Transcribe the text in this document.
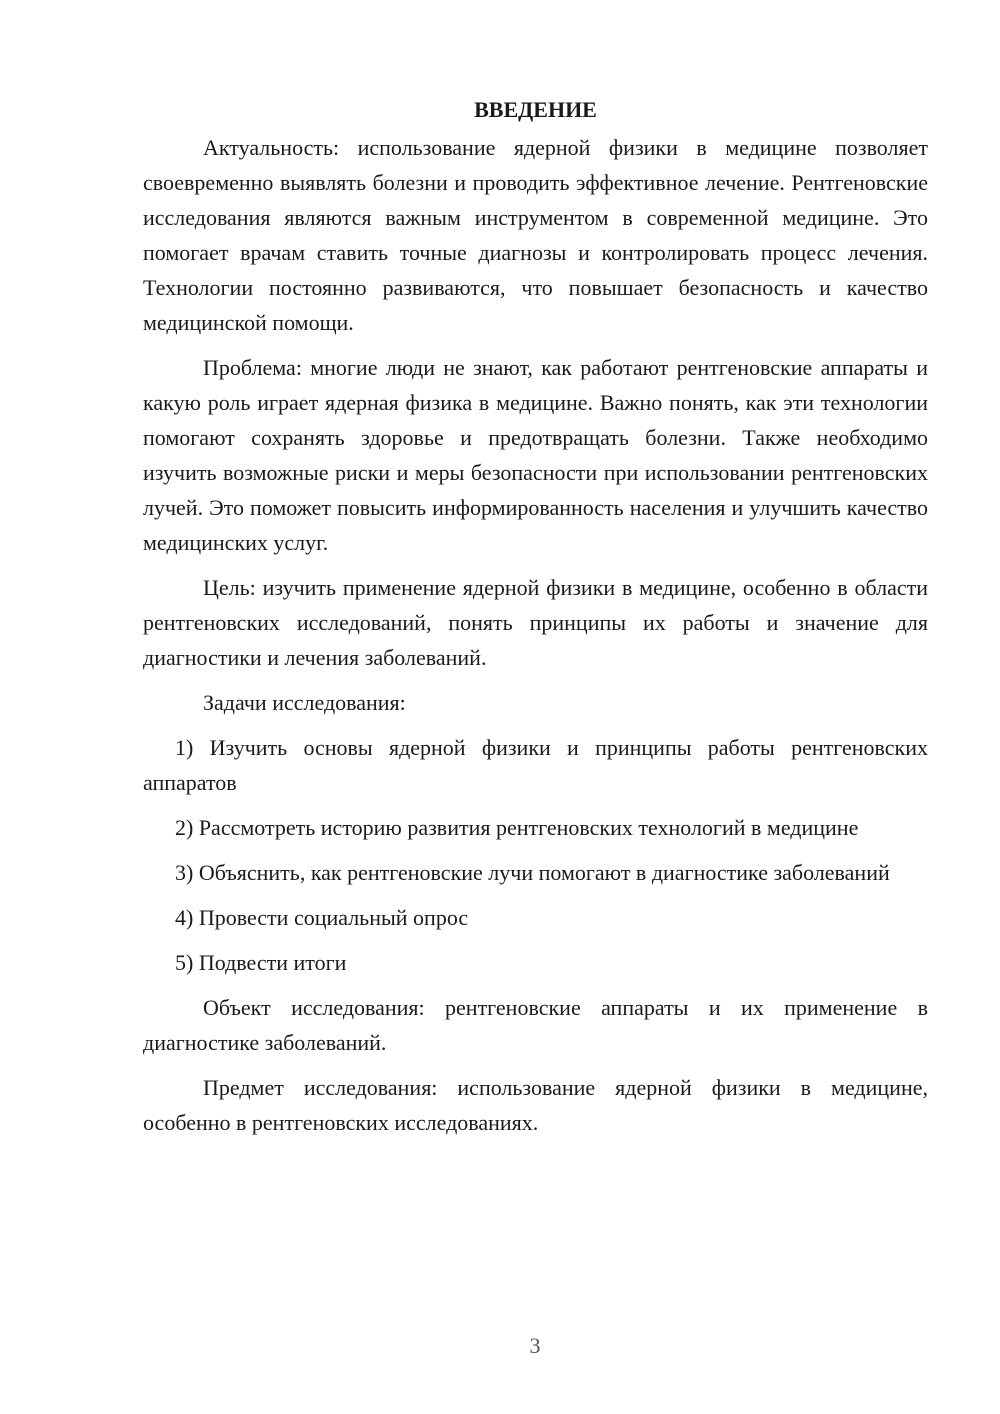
ВВЕДЕНИЕ

Актуальность: использование ядерной физики в медицине позволяет своевременно выявлять болезни и проводить эффективное лечение. Рентгеновские исследования являются важным инструментом в современной медицине. Это помогает врачам ставить точные диагнозы и контролировать процесс лечения. Технологии постоянно развиваются, что повышает безопасность и качество медицинской помощи.

Проблема: многие люди не знают, как работают рентгеновские аппараты и какую роль играет ядерная физика в медицине. Важно понять, как эти технологии помогают сохранять здоровье и предотвращать болезни. Также необходимо изучить возможные риски и меры безопасности при использовании рентгеновских лучей. Это поможет повысить информированность населения и улучшить качество медицинских услуг.

Цель: изучить применение ядерной физики в медицине, особенно в области рентгеновских исследований, понять принципы их работы и значение для диагностики и лечения заболеваний.

Задачи исследования:

1) Изучить основы ядерной физики и принципы работы рентгеновских аппаратов

2) Рассмотреть историю развития рентгеновских технологий в медицине

3) Объяснить, как рентгеновские лучи помогают в диагностике заболеваний

4) Провести социальный опрос

5) Подвести итоги

Объект исследования: рентгеновские аппараты и их применение в диагностике заболеваний.

Предмет исследования: использование ядерной физики в медицине, особенно в рентгеновских исследованиях.

3
